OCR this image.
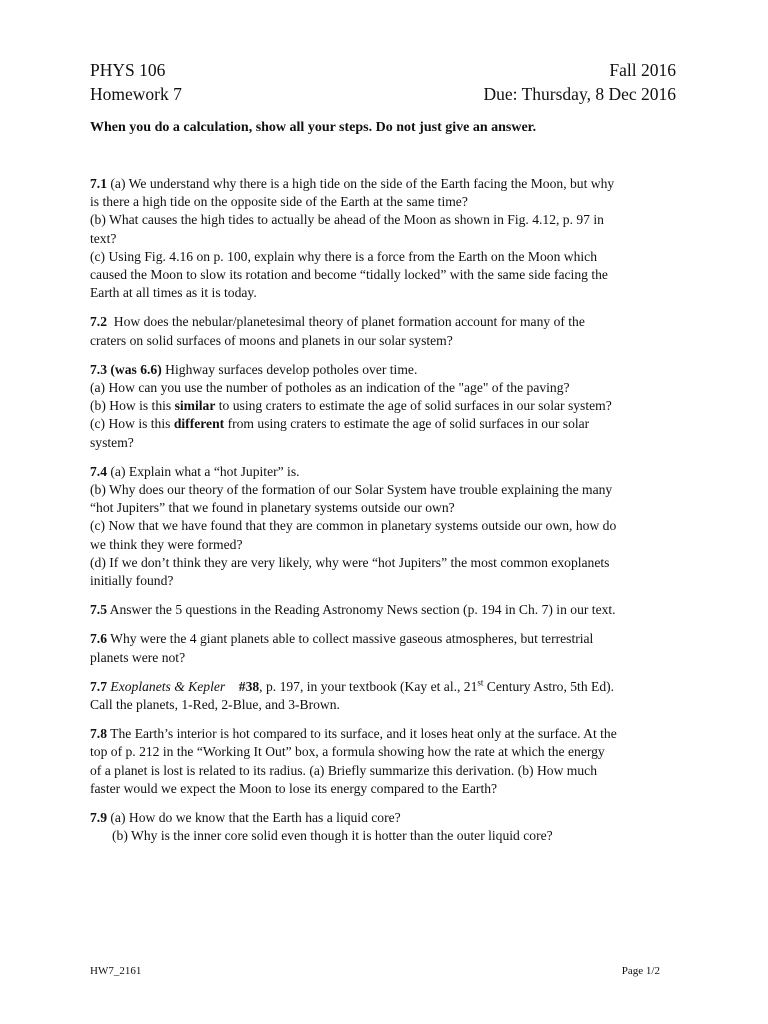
PHYS 106	Fall 2016
Homework 7	Due: Thursday, 8 Dec 2016
When you do a calculation, show all your steps. Do not just give an answer.
7.1 (a) We understand why there is a high tide on the side of the Earth facing the Moon, but why
is there a high tide on the opposite side of the Earth at the same time?
(b) What causes the high tides to actually be ahead of the Moon as shown in Fig. 4.12, p. 97 in
text?
(c) Using Fig. 4.16 on p. 100, explain why there is a force from the Earth on the Moon which
caused the Moon to slow its rotation and become “tidally locked” with the same side facing the
Earth at all times as it is today.
7.2 How does the nebular/planetesimal theory of planet formation account for many of the
craters on solid surfaces of moons and planets in our solar system?
7.3 (was 6.6) Highway surfaces develop potholes over time.
(a) How can you use the number of potholes as an indication of the "age" of the paving?
(b) How is this similar to using craters to estimate the age of solid surfaces in our solar system?
(c) How is this different from using craters to estimate the age of solid surfaces in our solar
system?
7.4 (a) Explain what a “hot Jupiter” is.
(b) Why does our theory of the formation of our Solar System have trouble explaining the many
“hot Jupiters” that we found in planetary systems outside our own?
(c) Now that we have found that they are common in planetary systems outside our own, how do
we think they were formed?
(d) If we don’t think they are very likely, why were “hot Jupiters” the most common exoplanets
initially found?
7.5 Answer the 5 questions in the Reading Astronomy News section (p. 194 in Ch. 7) in our text.
7.6 Why were the 4 giant planets able to collect massive gaseous atmospheres, but terrestrial
planets were not?
7.7 Exoplanets & Kepler #38, p. 197, in your textbook (Kay et al., 21st Century Astro, 5th Ed).
Call the planets, 1-Red, 2-Blue, and 3-Brown.
7.8 The Earth’s interior is hot compared to its surface, and it loses heat only at the surface. At the
top of p. 212 in the “Working It Out” box, a formula showing how the rate at which the energy
of a planet is lost is related to its radius. (a) Briefly summarize this derivation. (b) How much
faster would we expect the Moon to lose its energy compared to the Earth?
7.9 (a) How do we know that the Earth has a liquid core?
(b) Why is the inner core solid even though it is hotter than the outer liquid core?
HW7_2161	Page 1/2
